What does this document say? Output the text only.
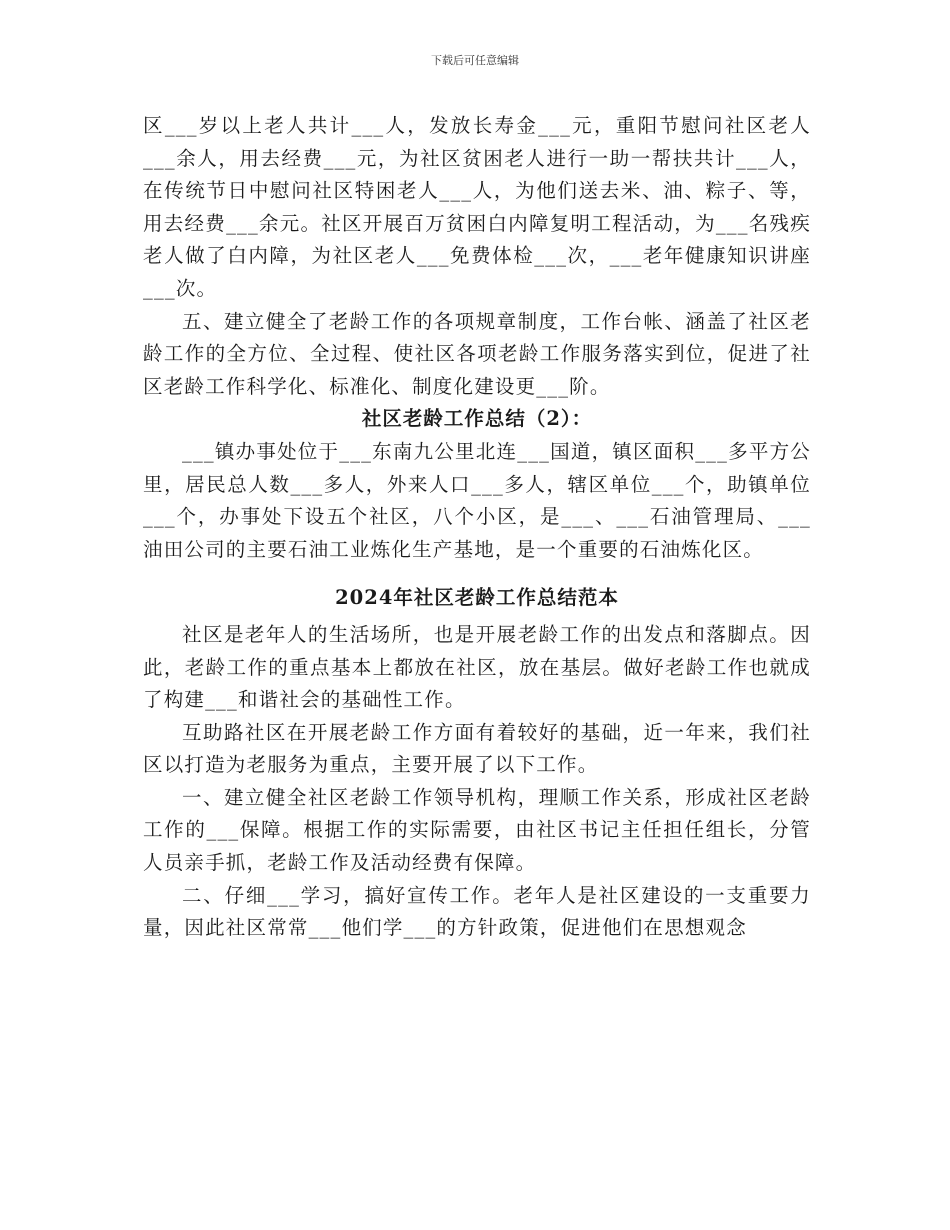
下载后可任意编辑

区___岁以上老人共计___人，发放长寿金___元，重阳节慰问社区老人___余人，用去经费___元，为社区贫困老人进行一助一帮扶共计___人，在传统节日中慰问社区特困老人___人，为他们送去米、油、粽子、等，用去经费___余元。社区开展百万贫困白内障复明工程活动，为___名残疾老人做了白内障，为社区老人___免费体检___次，___老年健康知识讲座___次。

五、建立健全了老龄工作的各项规章制度，工作台帐、涵盖了社区老龄工作的全方位、全过程、使社区各项老龄工作服务落实到位，促进了社区老龄工作科学化、标准化、制度化建设更___阶。

社区老龄工作总结（2）：

___镇办事处位于___东南九公里北连___国道，镇区面积___多平方公里，居民总人数___多人，外来人口___多人，辖区单位___个，助镇单位___个，办事处下设五个社区，八个小区，是___、___石油管理局、___油田公司的主要石油工业炼化生产基地，是一个重要的石油炼化区。

2024年社区老龄工作总结范本

社区是老年人的生活场所，也是开展老龄工作的出发点和落脚点。因此，老龄工作的重点基本上都放在社区，放在基层。做好老龄工作也就成了构建___和谐社会的基础性工作。

互助路社区在开展老龄工作方面有着较好的基础，近一年来，我们社区以打造为老服务为重点，主要开展了以下工作。

一、建立健全社区老龄工作领导机构，理顺工作关系，形成社区老龄工作的___保障。根据工作的实际需要，由社区书记主任担任组长，分管人员亲手抓，老龄工作及活动经费有保障。

二、仔细___学习，搞好宣传工作。老年人是社区建设的一支重要力量，因此社区常常___他们学___的方针政策，促进他们在思想观念
